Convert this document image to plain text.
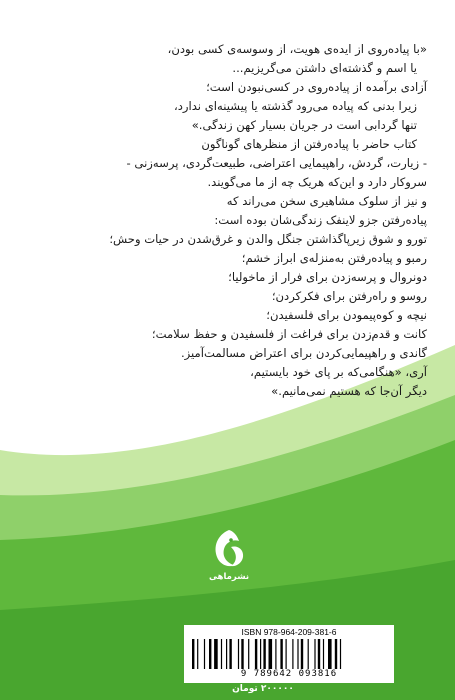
«با پیاده‌روی از ایده‌ی هویت، از وسوسه‌ی کسی بودن،
یا اسم و گذشته‌ای داشتن می‌گریزیم...
آزادی برآمده از پیاده‌روی در کسی‌نبودن است؛
زیرا بدنی که پیاده می‌رود گذشته یا پیشینه‌ای ندارد،
تنها گردابی است در جریان بسیار کهن زندگی.»
کتاب حاضر با پیاده‌رفتن از منظرهای گوناگون
- زیارت، گردش، راهپیمایی اعتراضی، طبیعت‌گردی، پرسه‌زنی -
سروکار دارد و این‌که هریک چه از ما می‌گویند.
و نیز از سلوک مشاهیری سخن می‌راند که
پیاده‌رفتن جزو لاینفک زندگی‌شان بوده است:
تورو و شوق زیرپاگذاشتن جنگل والدن و غرق‌شدن در حیات وحش؛
رمبو و پیاده‌رفتن به‌منزله‌ی ابراز خشم؛
دونروال و پرسه‌زدن برای فرار از ماخولیا؛
روسو و راه‌رفتن برای فکرکردن؛
نیچه و کوه‌پیمودن برای فلسفیدن؛
کانت و قدم‌زدن برای فراغت از فلسفیدن و حفظ سلامت؛
گاندی و راهپیمایی‌کردن برای اعتراض مسالمت‌آمیز.
آری، «هنگامی‌که بر پای خود بایستیم،
دیگر آن‌جا که هستیم نمی‌مانیم.»
نشرماهی
ISBN 978-964-209-381-6
9 789642 093816
۲۰۰۰۰۰ تومان
